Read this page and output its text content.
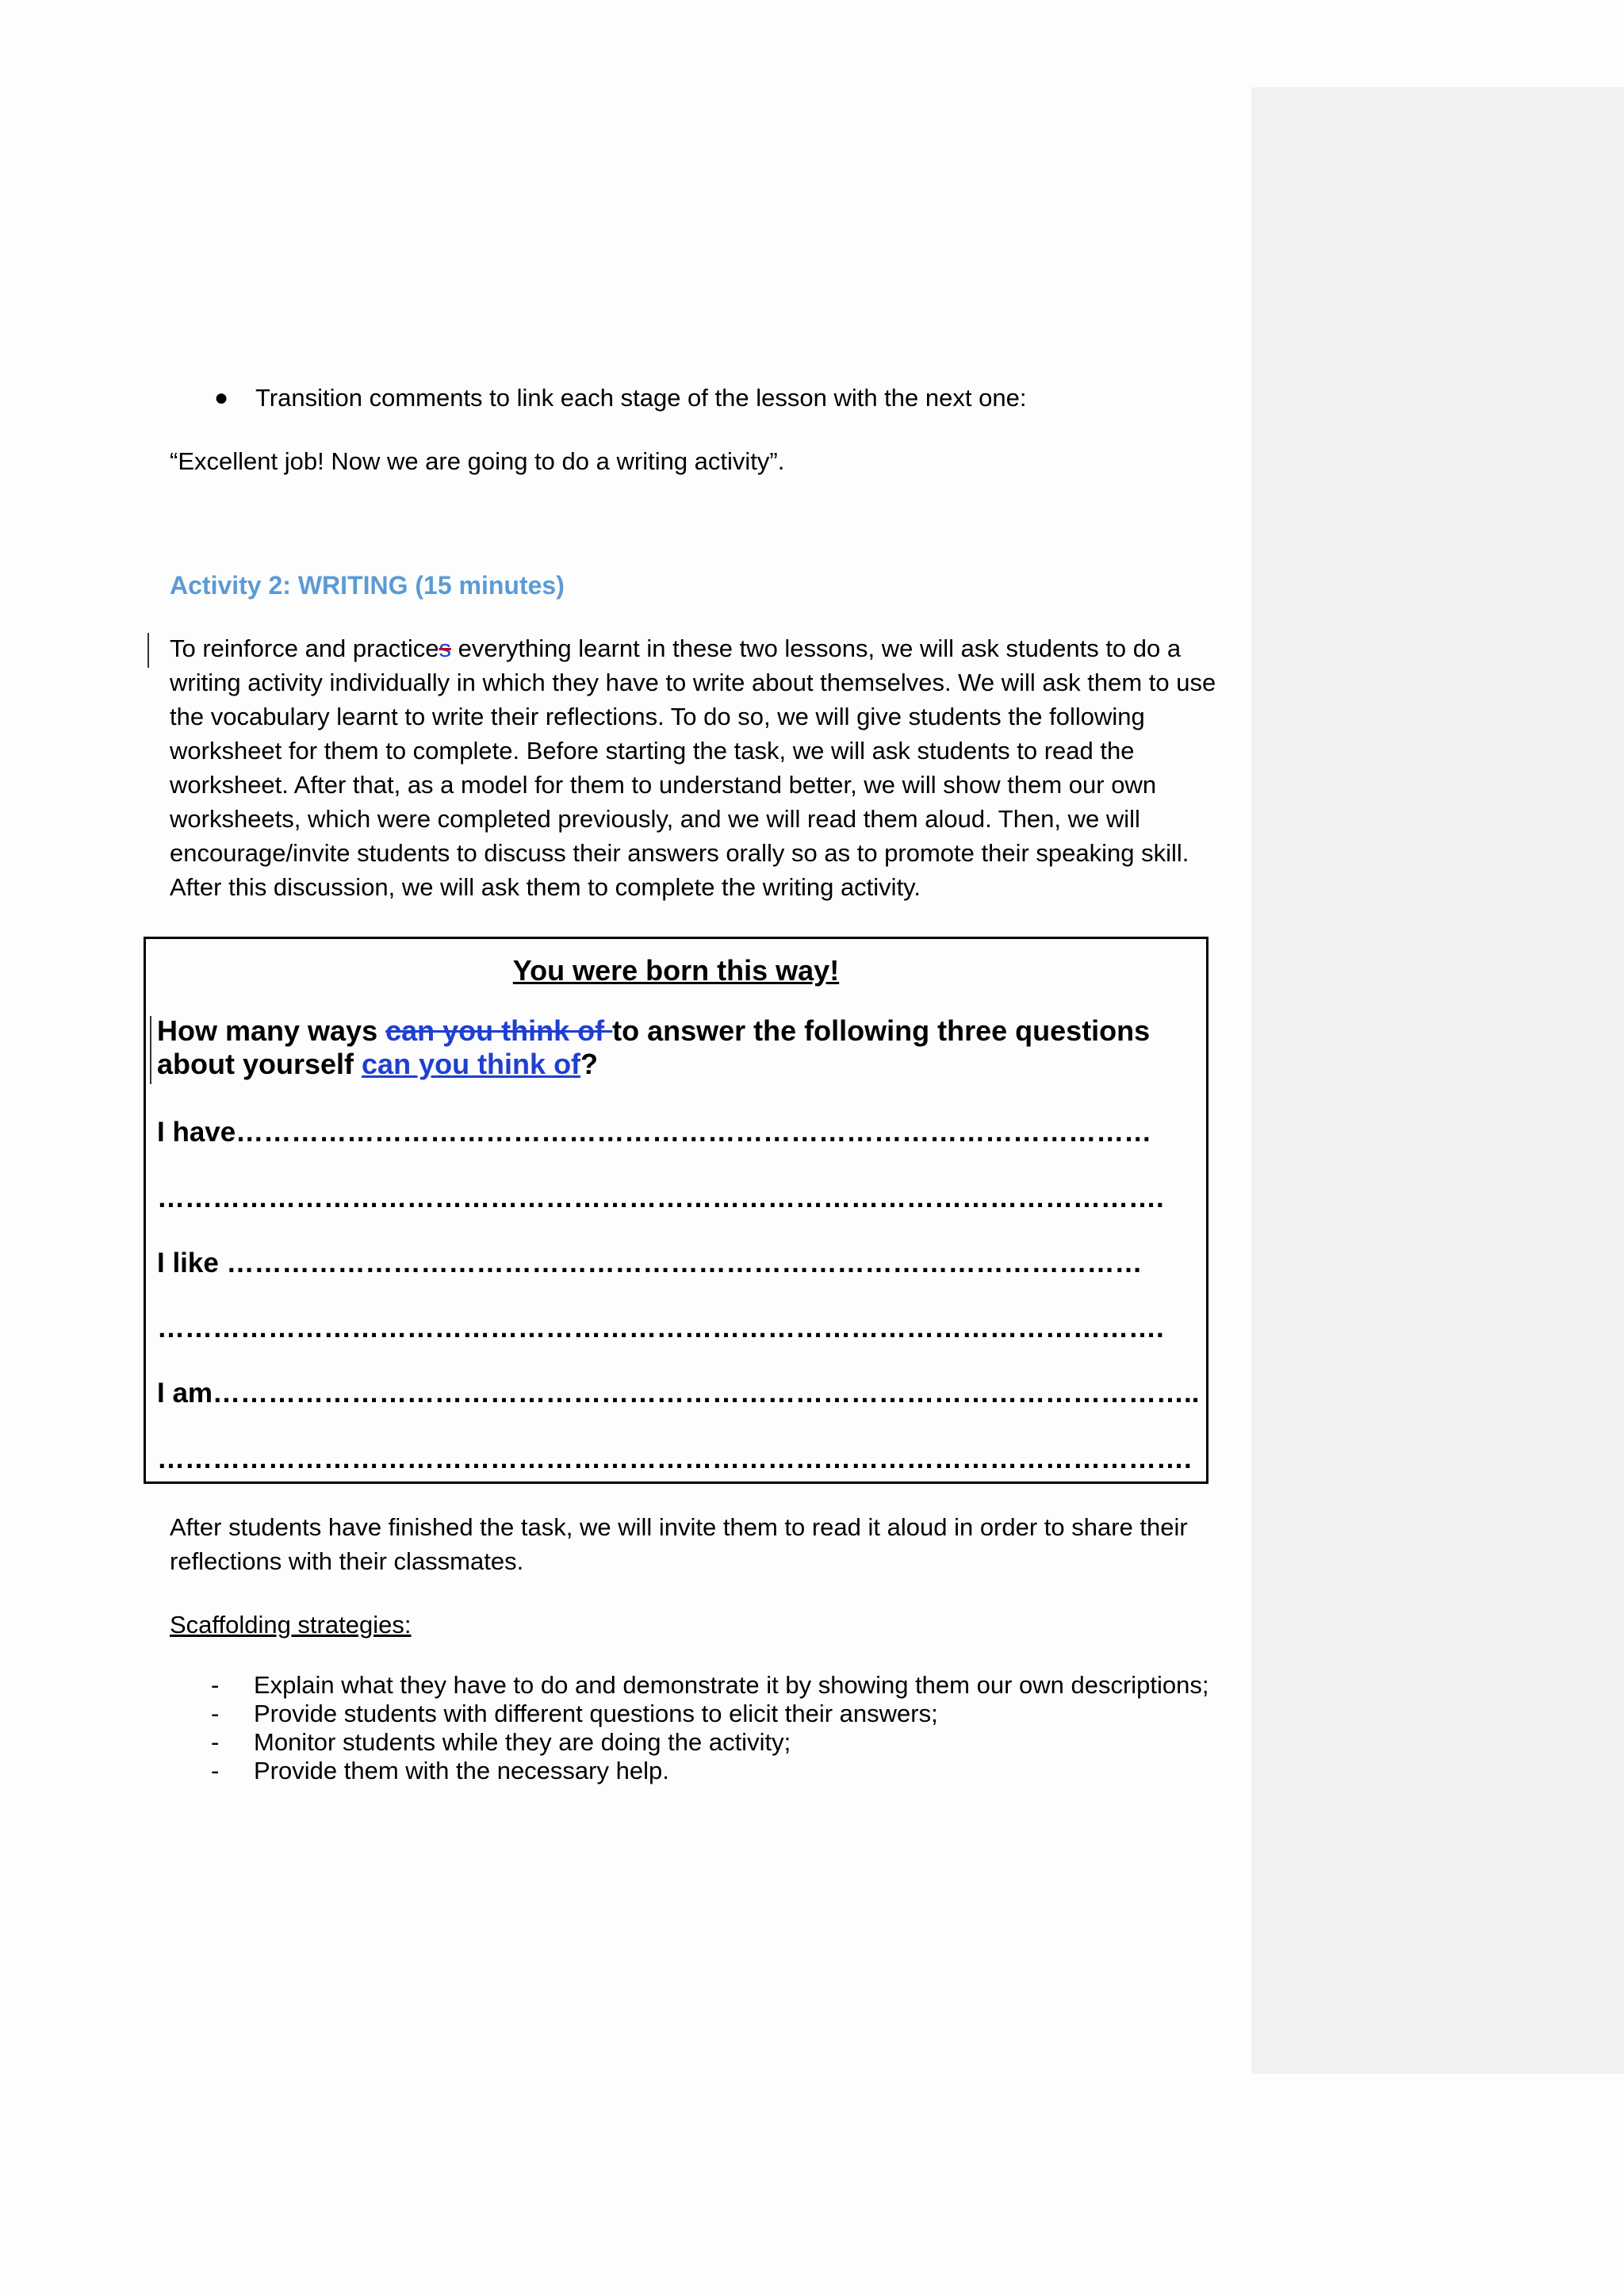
● Transition comments to link each stage of the lesson with the next one:
“Excellent job! Now we are going to do a writing activity”.
Activity 2: WRITING (15 minutes)
To reinforce and practices everything learnt in these two lessons, we will ask students to do a writing activity individually in which they have to write about themselves. We will ask them to use the vocabulary learnt to write their reflections. To do so, we will give students the following worksheet for them to complete. Before starting the task, we will ask students to read the worksheet. After that, as a model for them to understand better, we will show them our own worksheets, which were completed previously, and we will read them aloud. Then, we will encourage/invite students to discuss their answers orally so as to promote their speaking skill. After this discussion, we will ask them to complete the writing activity.
You were born this way!
How many ways can you think of to answer the following three questions about yourself can you think of?
I have………………………………………………………………………………………
……………………………………………………………………………………………….
I like ………………………………………………………………………………………
……………………………………………………………………………………………….
I am……………………………………………………………………………………………..
………………………………………………………………………………………………….
After students have finished the task, we will invite them to read it aloud in order to share their reflections with their classmates.
Scaffolding strategies:
- Explain what they have to do and demonstrate it by showing them our own descriptions;
- Provide students with different questions to elicit their answers;
- Monitor students while they are doing the activity;
- Provide them with the necessary help.
